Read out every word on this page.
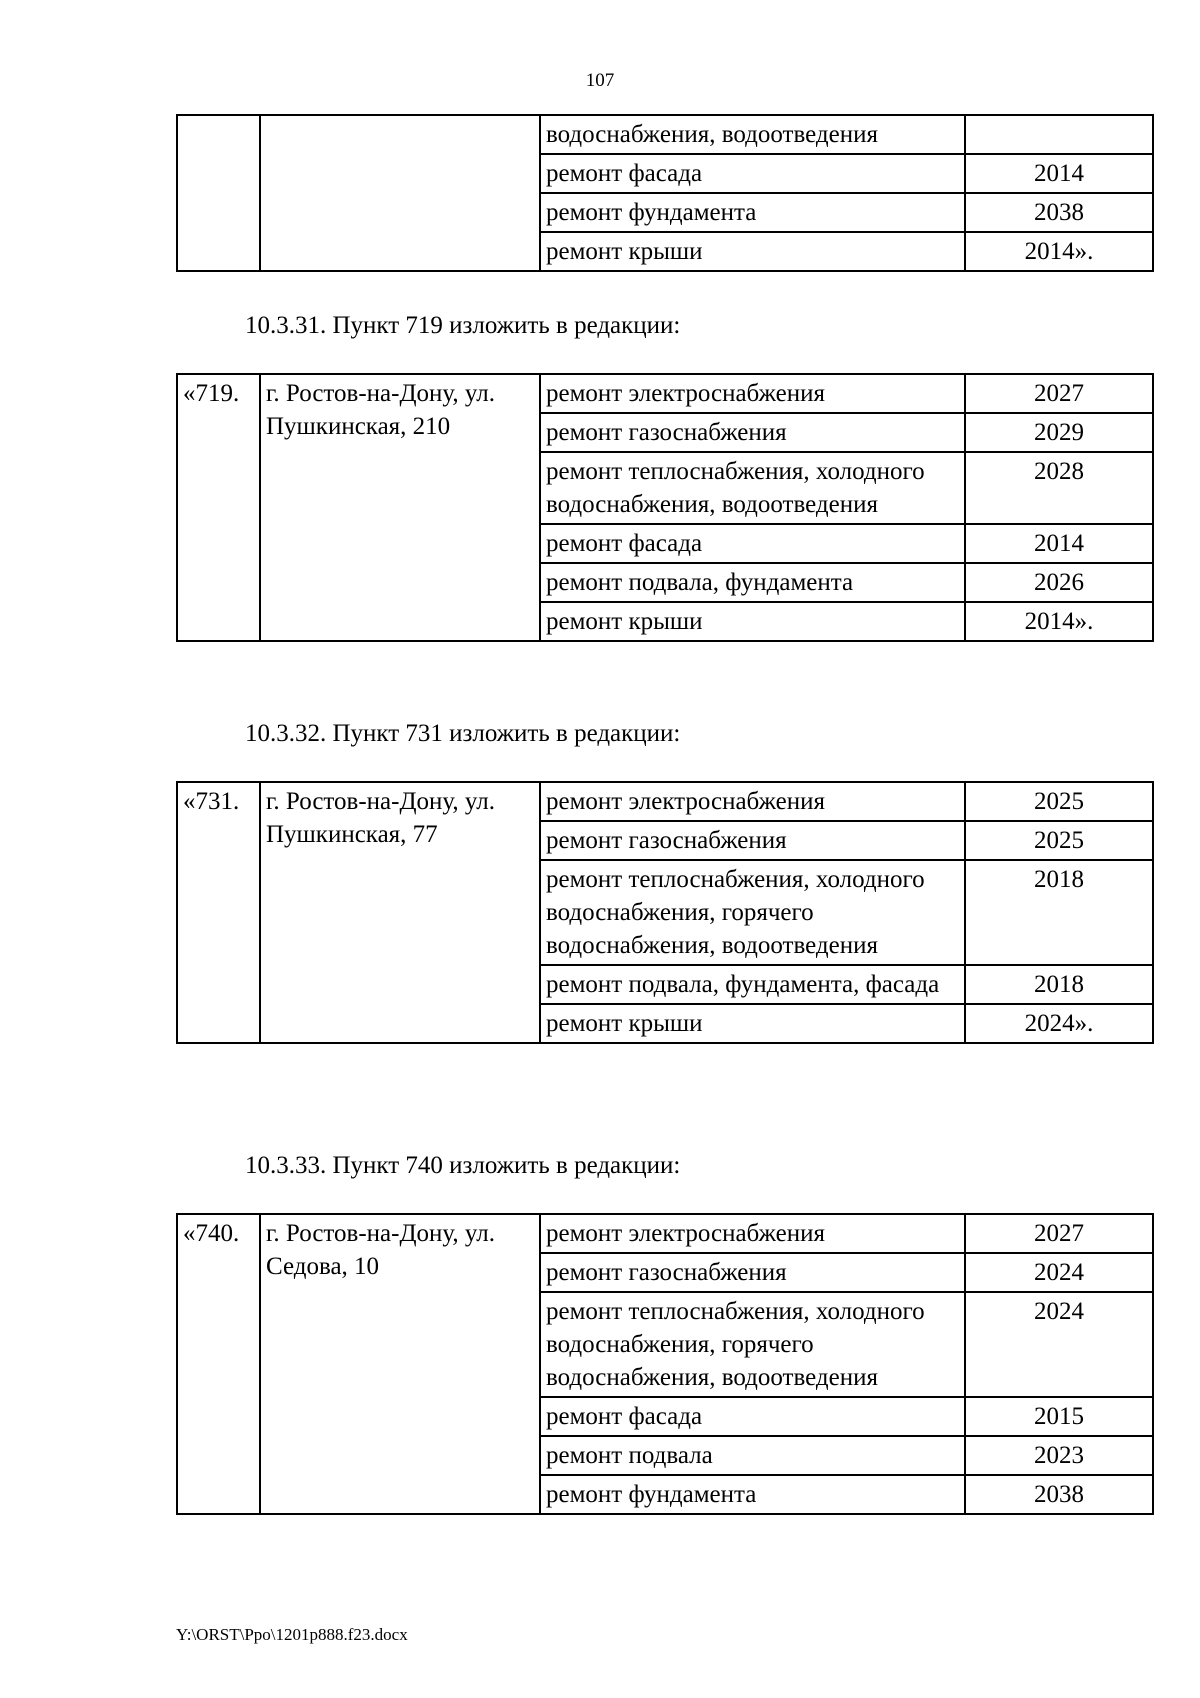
107
		водоснабжения, водоотведения	
		ремонт фасада	2014
		ремонт фундамента	2038
		ремонт крыши	2014».
10.3.31. Пункт 719 изложить в редакции:
«719.	г. Ростов-на-Дону, ул. Пушкинская, 210	ремонт электроснабжения	2027
		ремонт газоснабжения	2029
		ремонт теплоснабжения, холодного водоснабжения, водоотведения	2028
		ремонт фасада	2014
		ремонт подвала, фундамента	2026
		ремонт крыши	2014».
10.3.32. Пункт 731 изложить в редакции:
«731.	г. Ростов-на-Дону, ул. Пушкинская, 77	ремонт электроснабжения	2025
		ремонт газоснабжения	2025
		ремонт теплоснабжения, холодного водоснабжения, горячего водоснабжения, водоотведения	2018
		ремонт подвала, фундамента, фасада	2018
		ремонт крыши	2024».
10.3.33. Пункт 740 изложить в редакции:
«740.	г. Ростов-на-Дону, ул. Седова, 10	ремонт электроснабжения	2027
		ремонт газоснабжения	2024
		ремонт теплоснабжения, холодного водоснабжения, горячего водоснабжения, водоотведения	2024
		ремонт фасада	2015
		ремонт подвала	2023
		ремонт фундамента	2038
Y:\ORST\Ppo\1201p888.f23.docx
